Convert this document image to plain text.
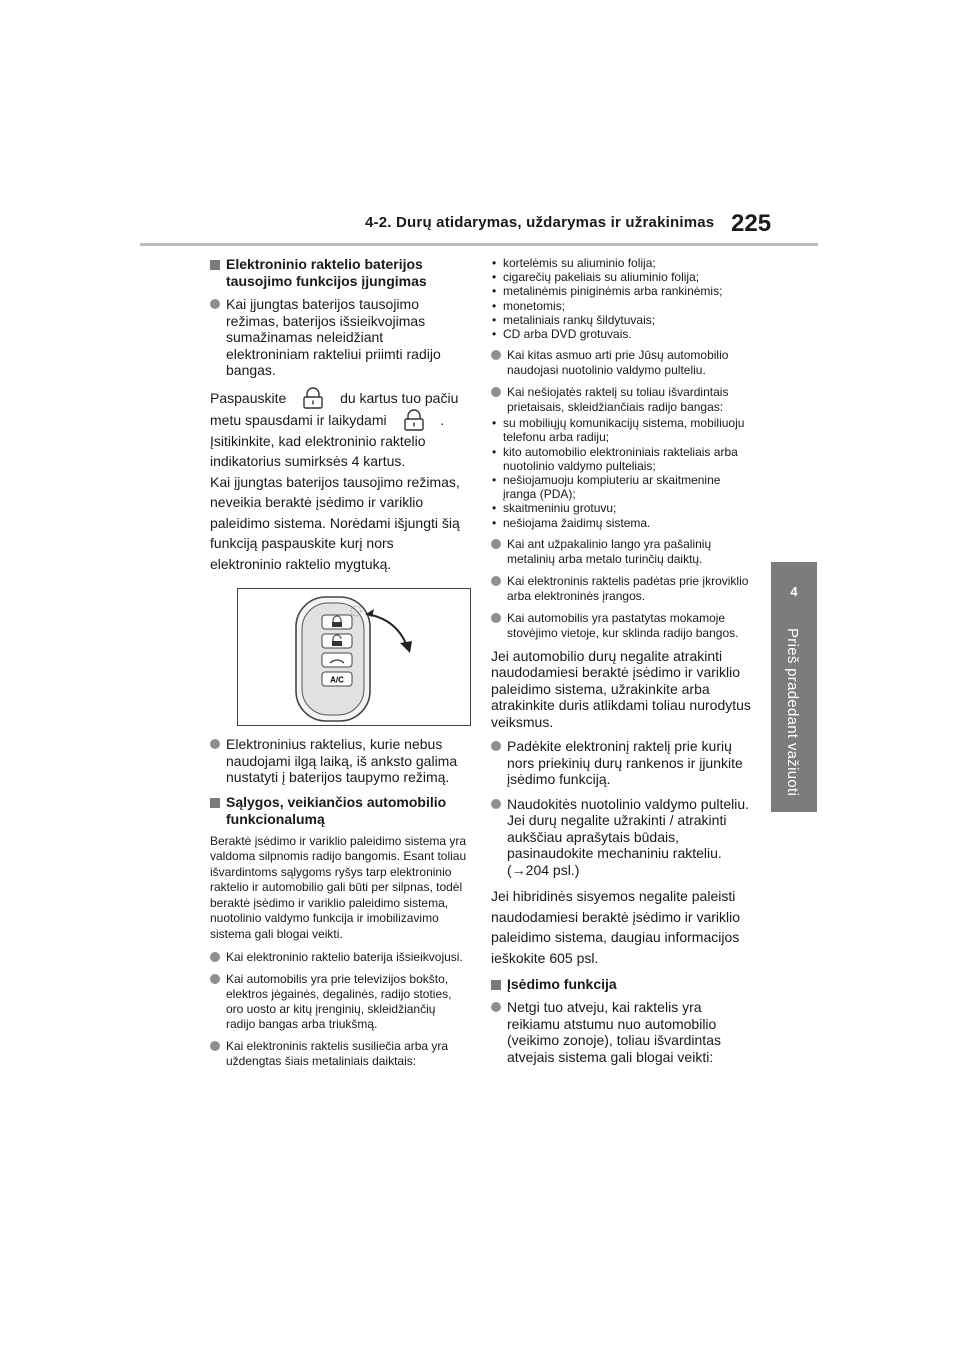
4-2. Durų atidarymas, uždarymas ir užrakinimas 225
4
Prieš pradedant važiuoti
Elektroninio raktelio baterijos tausojimo funkcijos įjungimas
Kai įjungtas baterijos tausojimo režimas, baterijos išsieikvojimas sumažinamas neleidžiant elektroniniam rakteliui priimti radijo bangas.
Paspauskite	du kartus tuo pačiu
metu spausdami ir laikydami	.
Įsitikinkite, kad elektroninio raktelio indikatorius sumirksės 4 kartus.
Kai įjungtas baterijos tausojimo režimas, neveikia beraktė įsėdimo ir variklio paleidimo sistema. Norėdami išjungti šią funkciją paspauskite kurį nors elektroninio raktelio mygtuką.
A/C
Elektroninius raktelius, kurie nebus naudojami ilgą laiką, iš anksto galima nustatyti į baterijos taupymo režimą.
Sąlygos, veikiančios automobilio funkcionalumą
Beraktė įsėdimo ir variklio paleidimo sistema yra valdoma silpnomis radijo bangomis. Esant toliau išvardintoms sąlygoms ryšys tarp elektroninio raktelio ir automobilio gali būti per silpnas, todėl beraktė įsėdimo ir variklio paleidimo sistema, nuotolinio valdymo funkcija ir imobilizavimo sistema gali blogai veikti.
Kai elektroninio raktelio baterija išsieikvojusi.
Kai automobilis yra prie televizijos bokšto, elektros jėgainės, degalinės, radijo stoties, oro uosto ar kitų įrenginių, skleidžiančių radijo bangas arba triukšmą.
Kai elektroninis raktelis susiliečia arba yra uždengtas šiais metaliniais daiktais:
• kortelėmis su aliuminio folija;
• cigarečių pakeliais su aliuminio folija;
• metalinėmis piniginėmis arba rankinėmis;
• monetomis;
• metaliniais rankų šildytuvais;
• CD arba DVD grotuvais.
Kai kitas asmuo arti prie Jūsų automobilio naudojasi nuotolinio valdymo pulteliu.
Kai nešiojatės raktelį su toliau išvardintais prietaisais, skleidžiančiais radijo bangas:
• su mobiliųjų komunikacijų sistema, mobiliuoju telefonu arba radiju;
• kito automobilio elektroniniais rakteliais arba nuotolinio valdymo pulteliais;
• nešiojamuoju kompiuteriu ar skaitmenine įranga (PDA);
• skaitmeniniu grotuvu;
• nešiojama žaidimų sistema.
Kai ant užpakalinio lango yra pašalinių metalinių arba metalo turinčių daiktų.
Kai elektroninis raktelis padėtas prie įkroviklio arba elektroninės įrangos.
Kai automobilis yra pastatytas mokamoje stovėjimo vietoje, kur sklinda radijo bangos.
Jei automobilio durų negalite atrakinti naudodamiesi beraktė įsėdimo ir variklio paleidimo sistema, užrakinkite arba atrakinkite duris atlikdami toliau nurodytus veiksmus.
Padėkite elektroninį raktelį prie kurių nors priekinių durų rankenos ir įjunkite įsėdimo funkciją.
Naudokitės nuotolinio valdymo pulteliu. Jei durų negalite užrakinti / atrakinti aukščiau aprašytais būdais, pasinaudokite mechaniniu rakteliu. (→204 psl.)
Jei hibridinės sisyemos negalite paleisti naudodamiesi beraktė įsėdimo ir variklio paleidimo sistema, daugiau informacijos ieškokite 605 psl.
Įsėdimo funkcija
Netgi tuo atveju, kai raktelis yra reikiamu atstumu nuo automobilio (veikimo zonoje), toliau išvardintas atvejais sistema gali blogai veikti:
